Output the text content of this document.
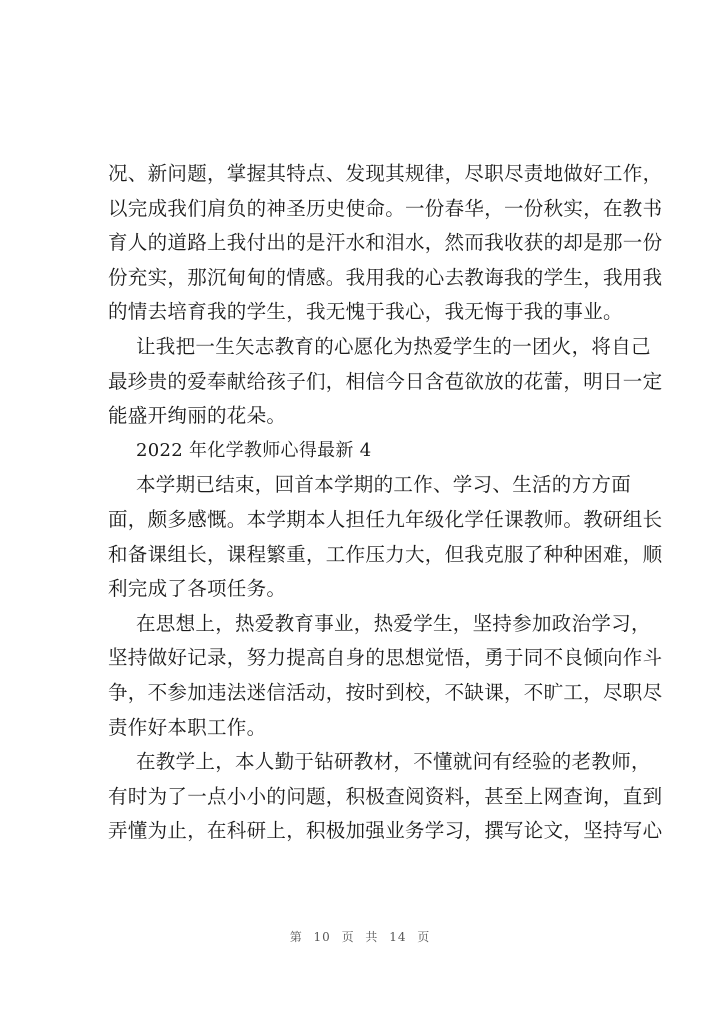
况、新问题，掌握其特点、发现其规律，尽职尽责地做好工作，
以完成我们肩负的神圣历史使命。一份春华，一份秋实，在教书
育人的道路上我付出的是汗水和泪水，然而我收获的却是那一份
份充实，那沉甸甸的情感。我用我的心去教诲我的学生，我用我
的情去培育我的学生，我无愧于我心，我无悔于我的事业。
让我把一生矢志教育的心愿化为热爱学生的一团火，将自己
最珍贵的爱奉献给孩子们，相信今日含苞欲放的花蕾，明日一定
能盛开绚丽的花朵。
2022 年化学教师心得最新 4
本学期已结束，回首本学期的工作、学习、生活的方方面
面，颇多感慨。本学期本人担任九年级化学任课教师。教研组长
和备课组长，课程繁重，工作压力大，但我克服了种种困难，顺
利完成了各项任务。
在思想上，热爱教育事业，热爱学生，坚持参加政治学习，
坚持做好记录，努力提高自身的思想觉悟，勇于同不良倾向作斗
争，不参加违法迷信活动，按时到校，不缺课，不旷工，尽职尽
责作好本职工作。
在教学上，本人勤于钻研教材，不懂就问有经验的老教师，
有时为了一点小小的问题，积极查阅资料，甚至上网查询，直到
弄懂为止，在科研上，积极加强业务学习，撰写论文，坚持写心
第 10 页 共 14 页
